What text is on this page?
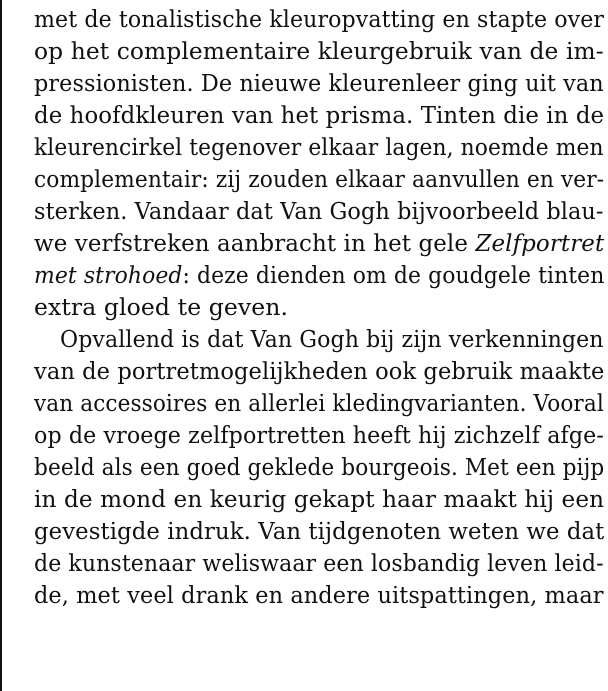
met de tonalistische kleuropvatting en stapte over
op het complementaire kleurgebruik van de im-
pressionisten. De nieuwe kleurenleer ging uit van
de hoofdkleuren van het prisma. Tinten die in de
kleurencirkel tegenover elkaar lagen, noemde men
complementair: zij zouden elkaar aanvullen en ver-
sterken. Vandaar dat Van Gogh bijvoorbeeld blau-
we verfstreken aanbracht in het gele Zelfportret
met strohoed: deze dienden om de goudgele tinten
extra gloed te geven.
Opvallend is dat Van Gogh bij zijn verkenningen
van de portretmogelijkheden ook gebruik maakte
van accessoires en allerlei kledingvarianten. Vooral
op de vroege zelfportretten heeft hij zichzelf afge-
beeld als een goed geklede bourgeois. Met een pijp
in de mond en keurig gekapt haar maakt hij een
gevestigde indruk. Van tijdgenoten weten we dat
de kunstenaar weliswaar een losbandig leven leid-
de, met veel drank en andere uitspattingen, maar
